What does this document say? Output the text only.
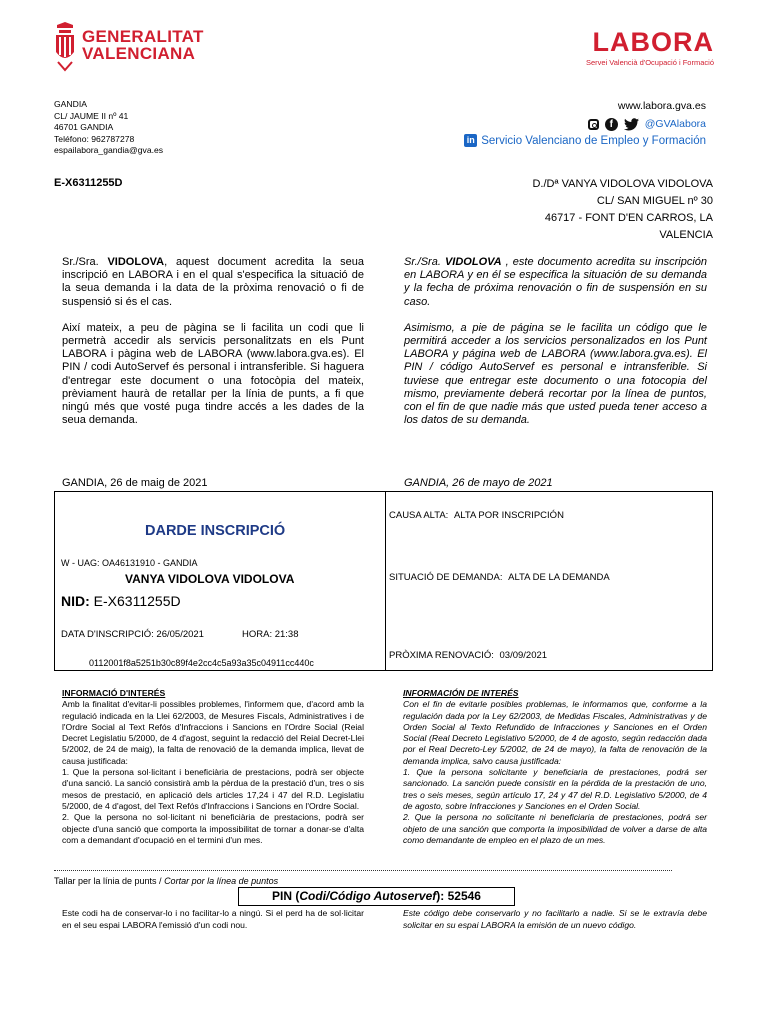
GENERALITAT
VALENCIANA	LABORA
Servei Valencià d'Ocupació i Formació
GANDIA
CL/ JAUME II nº 41
46701 GANDIA
Teléfono: 962787278
espailabora_gandia@gva.es
www.labora.gva.es
f	@GVAlabora
in Servicio Valenciano de Empleo y Formación
E-X6311255D	D./Dª VANYA VIDOLOVA VIDOLOVA
CL/ SAN MIGUEL nº 30
46717 - FONT D'EN CARROS, LA
VALENCIA

Sr./Sra. VIDOLOVA, aquest document acredita la seua inscripció en LABORA i en el qual s'especifica la situació de la seua demanda i la data de la pròxima renovació o fi de suspensió si és el cas.

Així mateix, a peu de pàgina se li facilita un codi que li permetrà accedir als servicis personalitzats en els Punt LABORA i pàgina web de LABORA (www.labora.gva.es). El PIN / codi AutoServef és personal i intransferible. Si haguera d'entregar este document o una fotocòpia del mateix, prèviament haurà de retallar per la línia de punts, a fi que ningú més que vosté puga tindre accés a les dades de la seua demanda.

GANDIA, 26 de maig de 2021

Sr./Sra. VIDOLOVA , este documento acredita su inscripción en LABORA y en él se especifica la situación de su demanda y la fecha de próxima renovación o fin de suspensión en su caso.

Asimismo, a pie de página se le facilita un código que le permitirá acceder a los servicios personalizados en los Punt LABORA y página web de LABORA (www.labora.gva.es). El PIN / código AutoServef es personal e intransferible. Si tuviese que entregar este documento o una fotocopia del mismo, previamente deberá recortar por la línea de puntos, con el fin de que nadie más que usted pueda tener acceso a los datos de su demanda.

GANDIA, 26 de mayo de 2021
DARDE INSCRIPCIÓ
W - UAG: OA46131910 - GANDIA
VANYA VIDOLOVA VIDOLOVA
NID: E-X6311255D
DATA D'INSCRIPCIÓ: 26/05/2021	HORA: 21:38
0112001f8a5251b30c89f4e2cc4c5a93a35c04911cc440c
CAUSA ALTA: ALTA POR INSCRIPCIÓN
SITUACIÓ DE DEMANDA: ALTA DE LA DEMANDA
PRÒXIMA RENOVACIÓ: 03/09/2021
INFORMACIÓ D'INTERÉS
Amb la finalitat d'evitar-li possibles problemes, l'informem que, d'acord amb la regulació indicada en la Llei 62/2003, de Mesures Fiscals, Administratives i de l'Ordre Social al Text Refós d'Infraccions i Sancions en l'Ordre Social (Reial Decret Legislatiu 5/2000, de 4 d'agost, seguint la redacció del Reial Decret-Llei 5/2002, de 24 de maig), la falta de renovació de la demanda implica, llevat de causa justificada:
1. Que la persona sol·licitant i beneficiària de prestacions, podrà ser objecte d'una sanció. La sanció consistirà amb la pèrdua de la prestació d'un, tres o sis mesos de prestació, en aplicació dels articles 17,24 i 47 del R.D. Legislatiu 5/2000, de 4 d'agost, del Text Refós d'Infraccions i Sancions en l'Ordre Social.
2. Que la persona no sol·licitant ni beneficiària de prestacions, podrà ser objecte d'una sanció que comporta la impossibilitat de tornar a donar-se d'alta com a demandant d'ocupació en el termini d'un mes.
INFORMACIÓN DE INTERÉS
Con el fin de evitarle posibles problemas, le informamos que, conforme a la regulación dada por la Ley 62/2003, de Medidas Fiscales, Administrativas y de Orden Social al Texto Refundido de Infracciones y Sanciones en el Orden Social (Real Decreto Legislativo 5/2000, de 4 de agosto, según redacción dada por el Real Decreto-Ley 5/2002, de 24 de mayo), la falta de renovación de la demanda implica, salvo causa justificada:
1. Que la persona solicitante y beneficiaria de prestaciones, podrá ser sancionado. La sanción puede consistir en la pérdida de la prestación de uno, tres o seis meses, según artículo 17, 24 y 47 del R.D. Legislativo 5/2000, de 4 de agosto, sobre Infracciones y Sanciones en el Orden Social.
2. Que la persona no solicitante ni beneficiaria de prestaciones, podrá ser objeto de una sanción que comporta la imposibilidad de volver a darse de alta como demandante de empleo en el plazo de un mes.
Tallar per la línia de punts / Cortar por la línea de puntos
PIN (Codi/Código Autoservef): 52546
Este codi ha de conservar-lo i no facilitar-lo a ningú. Si el perd ha de sol·licitar en el seu espai LABORA l'emissió d'un codi nou.
Este código debe conservarlo y no facilitarlo a nadie. Si se le extravía debe solicitar en su espai LABORA la emisión de un nuevo código.
